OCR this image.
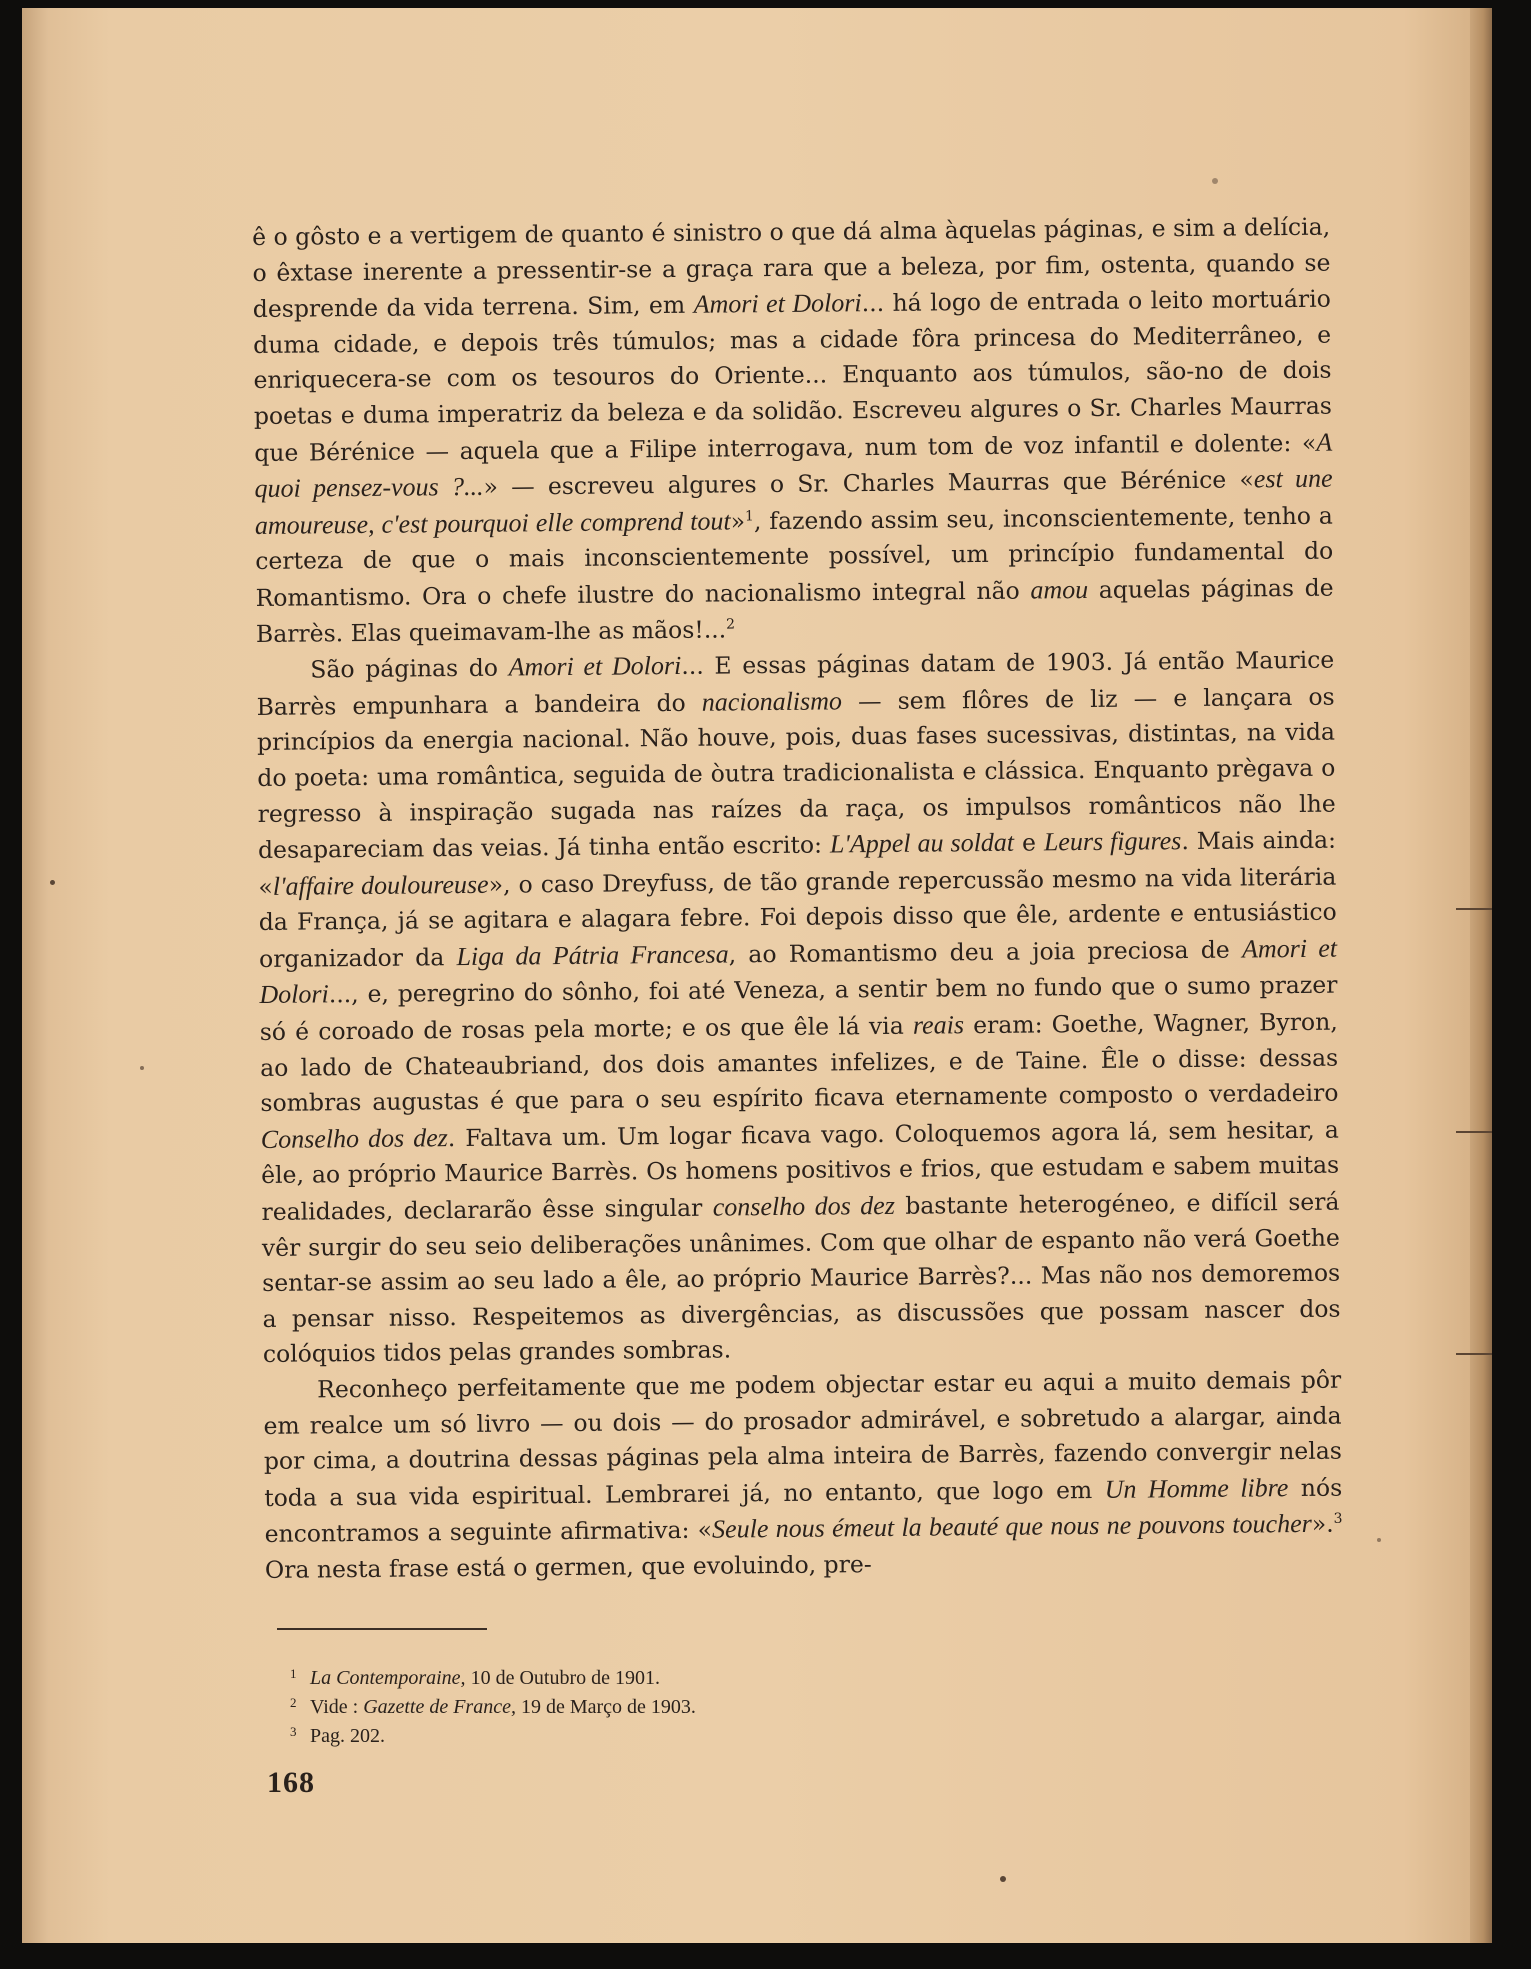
ê o gôsto e a vertigem de quanto é sinistro o que dá alma àquelas páginas, e sim a delícia, o êxtase inerente a pressentir-se a graça rara que a beleza, por fim, ostenta, quando se desprende da vida terrena. Sim, em Amori et Dolori... há logo de entrada o leito mortuário duma cidade, e depois três túmulos; mas a cidade fôra princesa do Mediterrâneo, e enriquecera-se com os tesouros do Oriente... Enquanto aos túmulos, são-no de dois poetas e duma imperatriz da beleza e da solidão. Escreveu algures o Sr. Charles Maurras que Bérénice — aquela que a Filipe interrogava, num tom de voz infantil e dolente: «A quoi pensez-vous ?...» — escreveu algures o Sr. Charles Maurras que Bérénice «est une amoureuse, c'est pourquoi elle comprend tout»$^1$, fazendo assim seu, inconscientemente, tenho a certeza de que o mais inconscientemente possível, um princípio fundamental do Romantismo. Ora o chefe ilustre do nacionalismo integral não amou aquelas páginas de Barrès. Elas queimavam-lhe as mãos!...$^2$

São páginas do Amori et Dolori... E essas páginas datam de 1903. Já então Maurice Barrès empunhara a bandeira do nacionalismo — sem flôres de liz — e lançara os princípios da energia nacional. Não houve, pois, duas fases sucessivas, distintas, na vida do poeta: uma romântica, seguida de òutra tradicionalista e clássica. Enquanto prègava o regresso à inspiração sugada nas raízes da raça, os impulsos românticos não lhe desapareciam das veias. Já tinha então escrito: L'Appel au soldat e Leurs figures. Mais ainda: «l'affaire douloureuse», o caso Dreyfuss, de tão grande repercussão mesmo na vida literária da França, já se agitara e alagara febre. Foi depois disso que êle, ardente e entusiástico organizador da Liga da Pátria Francesa, ao Romantismo deu a joia preciosa de Amori et Dolori..., e, peregrino do sônho, foi até Veneza, a sentir bem no fundo que o sumo prazer só é coroado de rosas pela morte; e os que êle lá via reais eram: Goethe, Wagner, Byron, ao lado de Chateaubriand, dos dois amantes infelizes, e de Taine. Êle o disse: dessas sombras augustas é que para o seu espírito ficava eternamente composto o verdadeiro Conselho dos dez. Faltava um. Um logar ficava vago. Coloquemos agora lá, sem hesitar, a êle, ao próprio Maurice Barrès. Os homens positivos e frios, que estudam e sabem muitas realidades, declararão êsse singular conselho dos dez bastante heterogéneo, e difícil será vêr surgir do seu seio deliberações unânimes. Com que olhar de espanto não verá Goethe sentar-se assim ao seu lado a êle, ao próprio Maurice Barrès?... Mas não nos demoremos a pensar nisso. Respeitemos as divergências, as discussões que possam nascer dos colóquios tidos pelas grandes sombras.

Reconheço perfeitamente que me podem objectar estar eu aqui a muito demais pôr em realce um só livro — ou dois — do prosador admirável, e sobretudo a alargar, ainda por cima, a doutrina dessas páginas pela alma inteira de Barrès, fazendo convergir nelas toda a sua vida espiritual. Lembrarei já, no entanto, que logo em Un Homme libre nós encontramos a seguinte afirmativa: «Seule nous émeut la beauté que nous ne pouvons toucher».$^3$ Ora nesta frase está o germen, que evoluindo, pre-

1 La Contemporaine, 10 de Outubro de 1901.
2 Vide : Gazette de France, 19 de Março de 1903.
3 Pag. 202.
168
